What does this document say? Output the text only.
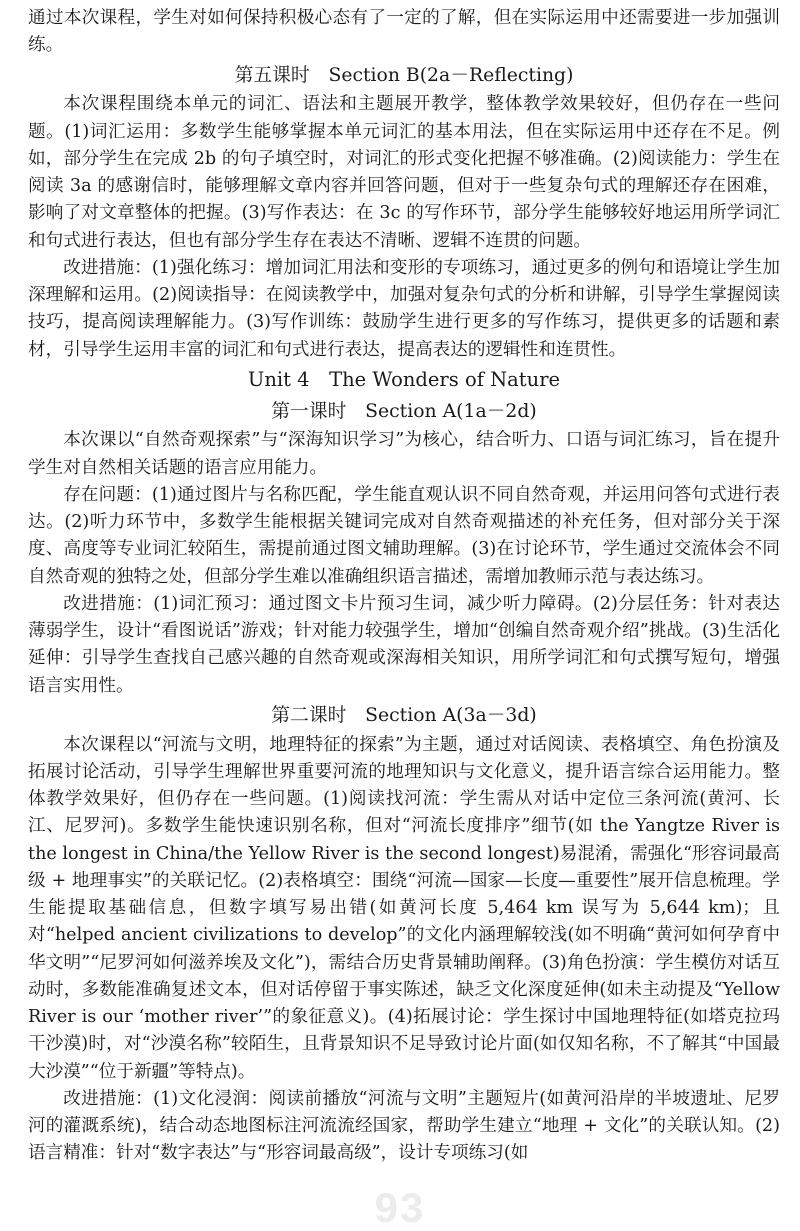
通过本次课程，学生对如何保持积极心态有了一定的了解，但在实际运用中还需要进一步加强训练。

第五课时　Section B(2a－Reflecting)

本次课程围绕本单元的词汇、语法和主题展开教学，整体教学效果较好，但仍存在一些问题。(1)词汇运用：多数学生能够掌握本单元词汇的基本用法，但在实际运用中还存在不足。例如，部分学生在完成 2b 的句子填空时，对词汇的形式变化把握不够准确。(2)阅读能力：学生在阅读 3a 的感谢信时，能够理解文章内容并回答问题，但对于一些复杂句式的理解还存在困难，影响了对文章整体的把握。(3)写作表达：在 3c 的写作环节，部分学生能够较好地运用所学词汇和句式进行表达，但也有部分学生存在表达不清晰、逻辑不连贯的问题。

改进措施：(1)强化练习：增加词汇用法和变形的专项练习，通过更多的例句和语境让学生加深理解和运用。(2)阅读指导：在阅读教学中，加强对复杂句式的分析和讲解，引导学生掌握阅读技巧，提高阅读理解能力。(3)写作训练：鼓励学生进行更多的写作练习，提供更多的话题和素材，引导学生运用丰富的词汇和句式进行表达，提高表达的逻辑性和连贯性。

Unit 4　The Wonders of Nature
第一课时　Section A(1a－2d)

本次课以“自然奇观探索”与“深海知识学习”为核心，结合听力、口语与词汇练习，旨在提升学生对自然相关话题的语言应用能力。

存在问题：(1)通过图片与名称匹配，学生能直观认识不同自然奇观，并运用问答句式进行表达。(2)听力环节中，多数学生能根据关键词完成对自然奇观描述的补充任务，但对部分关于深度、高度等专业词汇较陌生，需提前通过图文辅助理解。(3)在讨论环节，学生通过交流体会不同自然奇观的独特之处，但部分学生难以准确组织语言描述，需增加教师示范与表达练习。

改进措施：(1)词汇预习：通过图文卡片预习生词，减少听力障碍。(2)分层任务：针对表达薄弱学生，设计“看图说话”游戏；针对能力较强学生，增加“创编自然奇观介绍”挑战。(3)生活化延伸：引导学生查找自己感兴趣的自然奇观或深海相关知识，用所学词汇和句式撰写短句，增强语言实用性。

第二课时　Section A(3a－3d)

本次课程以“河流与文明，地理特征的探索”为主题，通过对话阅读、表格填空、角色扮演及拓展讨论活动，引导学生理解世界重要河流的地理知识与文化意义，提升语言综合运用能力。整体教学效果好，但仍存在一些问题。(1)阅读找河流：学生需从对话中定位三条河流(黄河、长江、尼罗河)。多数学生能快速识别名称，但对“河流长度排序”细节(如 the Yangtze River is the longest in China/the Yellow River is the second longest)易混淆，需强化“形容词最高级 + 地理事实”的关联记忆。(2)表格填空：围绕“河流—国家—长度—重要性”展开信息梳理。学生能提取基础信息，但数字填写易出错(如黄河长度 5,464 km 误写为 5,644 km)；且对“helped ancient civilizations to develop”的文化内涵理解较浅(如不明确“黄河如何孕育中华文明”“尼罗河如何滋养埃及文化”)，需结合历史背景辅助阐释。(3)角色扮演：学生模仿对话互动时，多数能准确复述文本，但对话停留于事实陈述，缺乏文化深度延伸(如未主动提及“Yellow River is our ‘mother river’”的象征意义)。(4)拓展讨论：学生探讨中国地理特征(如塔克拉玛干沙漠)时，对“沙漠名称”较陌生，且背景知识不足导致讨论片面(如仅知名称，不了解其“中国最大沙漠”“位于新疆”等特点)。

改进措施：(1)文化浸润：阅读前播放“河流与文明”主题短片(如黄河沿岸的半坡遗址、尼罗河的灌溉系统)，结合动态地图标注河流流经国家，帮助学生建立“地理 + 文化”的关联认知。(2)语言精准：针对“数字表达”与“形容词最高级”，设计专项练习(如

93
